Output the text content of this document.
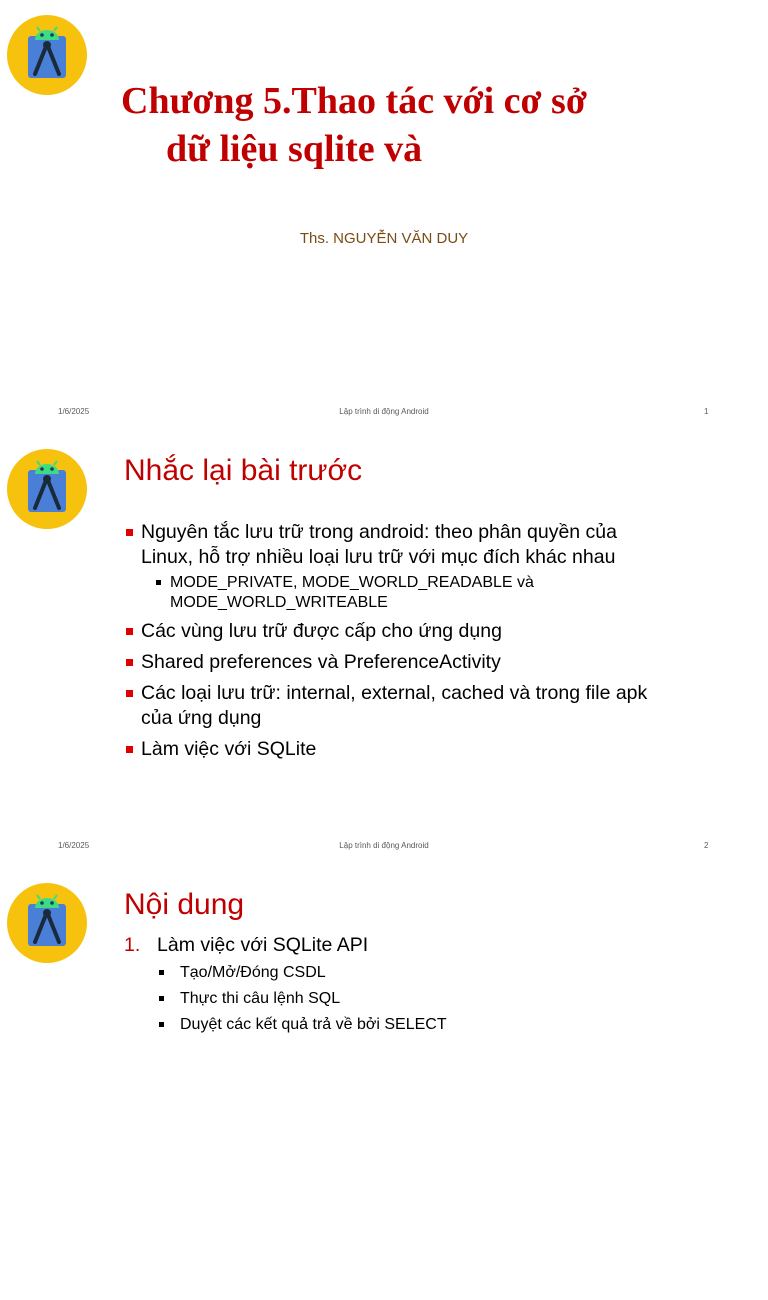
Chương 5.Thao tác với cơ sở
dữ liệu sqlite và
Ths. NGUYỄN VĂN DUY
1/6/2025	Lập trình di động Android	1
Nhắc lại bài trước
Nguyên tắc lưu trữ trong android: theo phân quyền của Linux, hỗ trợ nhiều loại lưu trữ với mục đích khác nhau
MODE_PRIVATE, MODE_WORLD_READABLE và MODE_WORLD_WRITEABLE
Các vùng lưu trữ được cấp cho ứng dụng
Shared preferences và PreferenceActivity
Các loại lưu trữ: internal, external, cached và trong file apk của ứng dụng
Làm việc với SQLite
1/6/2025	Lập trình di động Android	2
Nội dung
1. Làm việc với SQLite API
Tạo/Mở/Đóng CSDL
Thực thi câu lệnh SQL
Duyệt các kết quả trả về bởi SELECT
